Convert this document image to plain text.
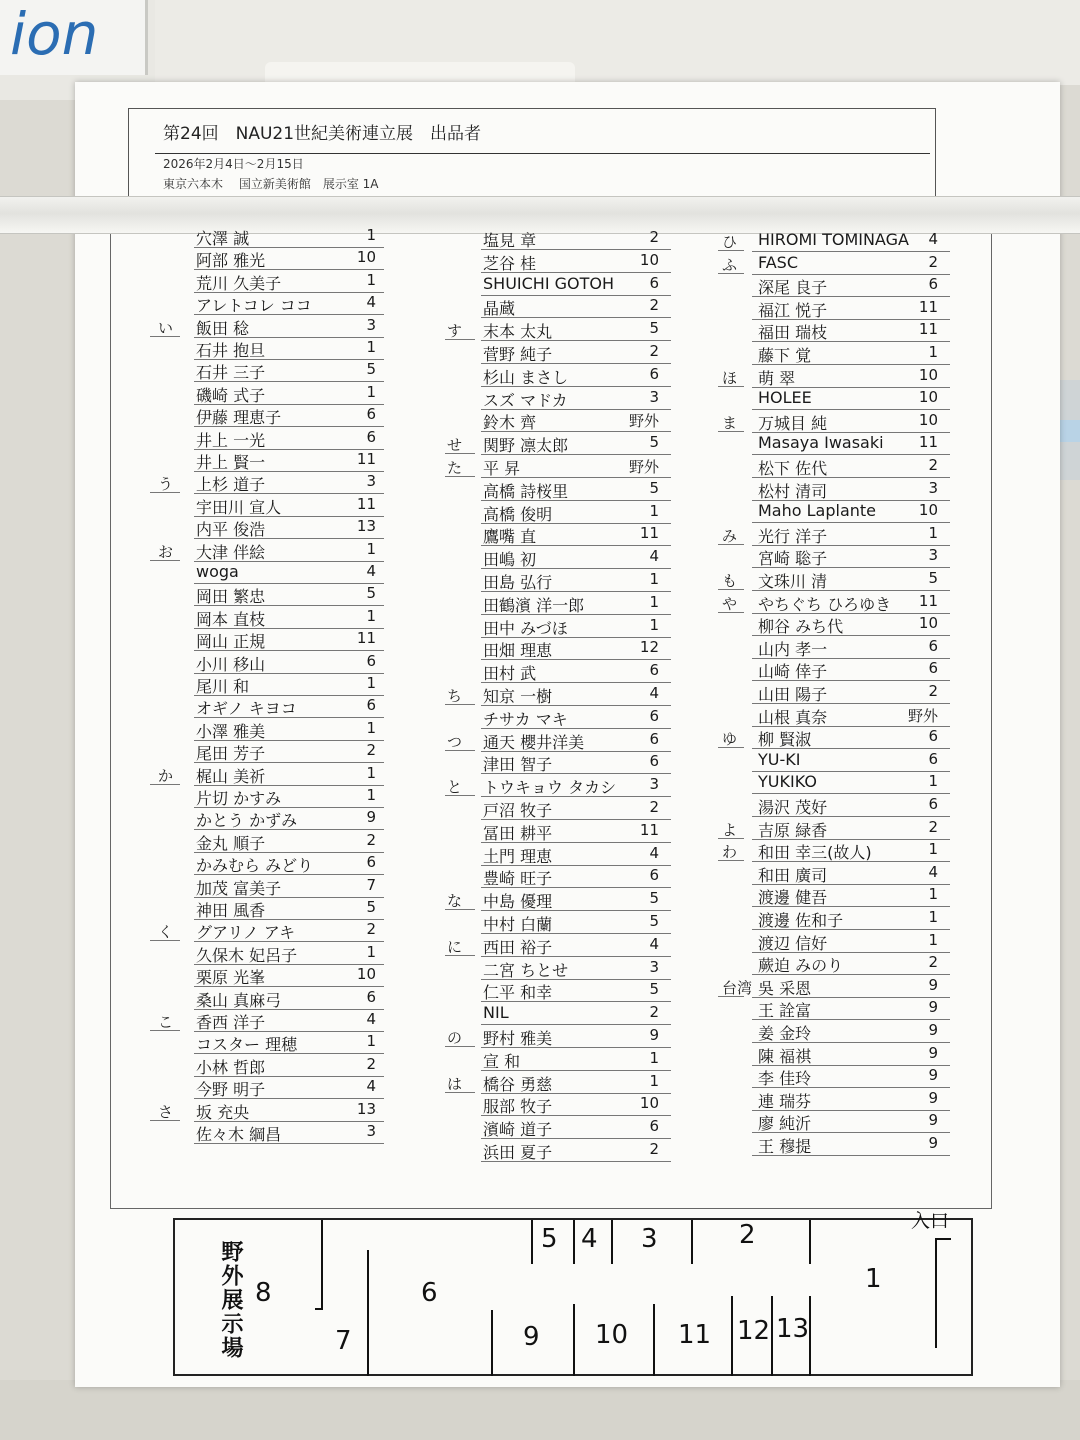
ion
第24回　NAU21世紀美術連立展　出品者
2026年2月4日～2月15日
東京六本木　 国立新美術館　展示室 1A
穴澤 誠	1
阿部 雅光	10
荒川 久美子	1
アレトコレ ココ	4
い 飯田 稔	3
石井 抱旦	1
石井 三子	5
磯崎 式子	1
伊藤 理恵子	6
井上 一光	6
井上 賢一	11
う 上杉 道子	3
宇田川 宣人	11
内平 俊浩	13
お 大津 伴絵	1
woga	4
岡田 繁忠	5
岡本 直枝	1
岡山 正規	11
小川 移山	6
尾川 和	1
オギノ キヨコ	6
小澤 雅美	1
尾田 芳子	2
か 梶山 美祈	1
片切 かすみ	1
かとう かずみ	9
金丸 順子	2
かみむら みどり	6
加茂 富美子	7
神田 風香	5
く グアリノ アキ	2
久保木 妃呂子	1
栗原 光峯	10
桑山 真麻弓	6
こ 香西 洋子	4
コスター 理穂	1
小林 哲郎	2
今野 明子	4
さ 坂 充央	13
佐々木 綱昌	3
塩見 章	2
芝谷 桂	10
SHUICHI GOTOH 6
晶蔵	2
す 末本 太丸	5
菅野 純子	2
杉山 まさし	6
スズ マドカ	3
鈴木 齊	野外
せ 関野 凛太郎	5
た 平 昇	野外
高橋 詩桜里	5
高橋 俊明	1
鷹嘴 直	11
田嶋 初	4
田島 弘行	1
田鶴濱 洋一郎	1
田中 みづほ	1
田畑 理恵	12
田村 武	6
ち 知京 一樹	4
チサカ マキ	6
つ 通天 櫻井洋美	6
津田 智子	6
と トウキョウ タカシ 3
戸沼 牧子	2
冨田 耕平	11
土門 理恵	4
豊崎 旺子	6
な 中島 優理	5
中村 白蘭	5
に 西田 裕子	4
二宮 ちとせ	3
仁平 和幸	5
NIL	2
の 野村 雅美	9
宣 和	1
は 橋谷 勇慈	1
服部 牧子	10
濱崎 道子	6
浜田 夏子	2
ひ HIROMI TOMINAGA 4
ふ FASC	2
深尾 良子	6
福江 悦子	11
福田 瑞枝	11
藤下 覚	1
ほ 萌 翠	10
HOLEE	10
ま 万城目 純	10
Masaya Iwasaki 11
松下 佐代	2
松村 清司	3
Maho Laplante	10
み 光行 洋子	1
宮崎 聡子	3
も 文珠川 清	5
や やちぐち ひろゆき 11
柳谷 みち代	10
山内 孝一	6
山崎 倖子	6
山田 陽子	2
山根 真奈	野外
ゆ 柳 賢淑	6
YU-KI	6
YUKIKO	1
湯沢 茂好	6
よ 吉原 緑香	2
わ 和田 幸三(故人)	1
和田 廣司	4
渡邊 健吾	1
渡邊 佐和子	1
渡辺 信好	1
蕨迫 みのり	2
台湾 吳 采恩	9
王 詮富	9
姜 金玲	9
陳 福祺	9
李 佳玲	9
連 瑞芬	9
廖 純沂	9
王 穆提	9
野外展示場 8
7
6
5 4 3	2
1
入口
9 10 11 12 13
